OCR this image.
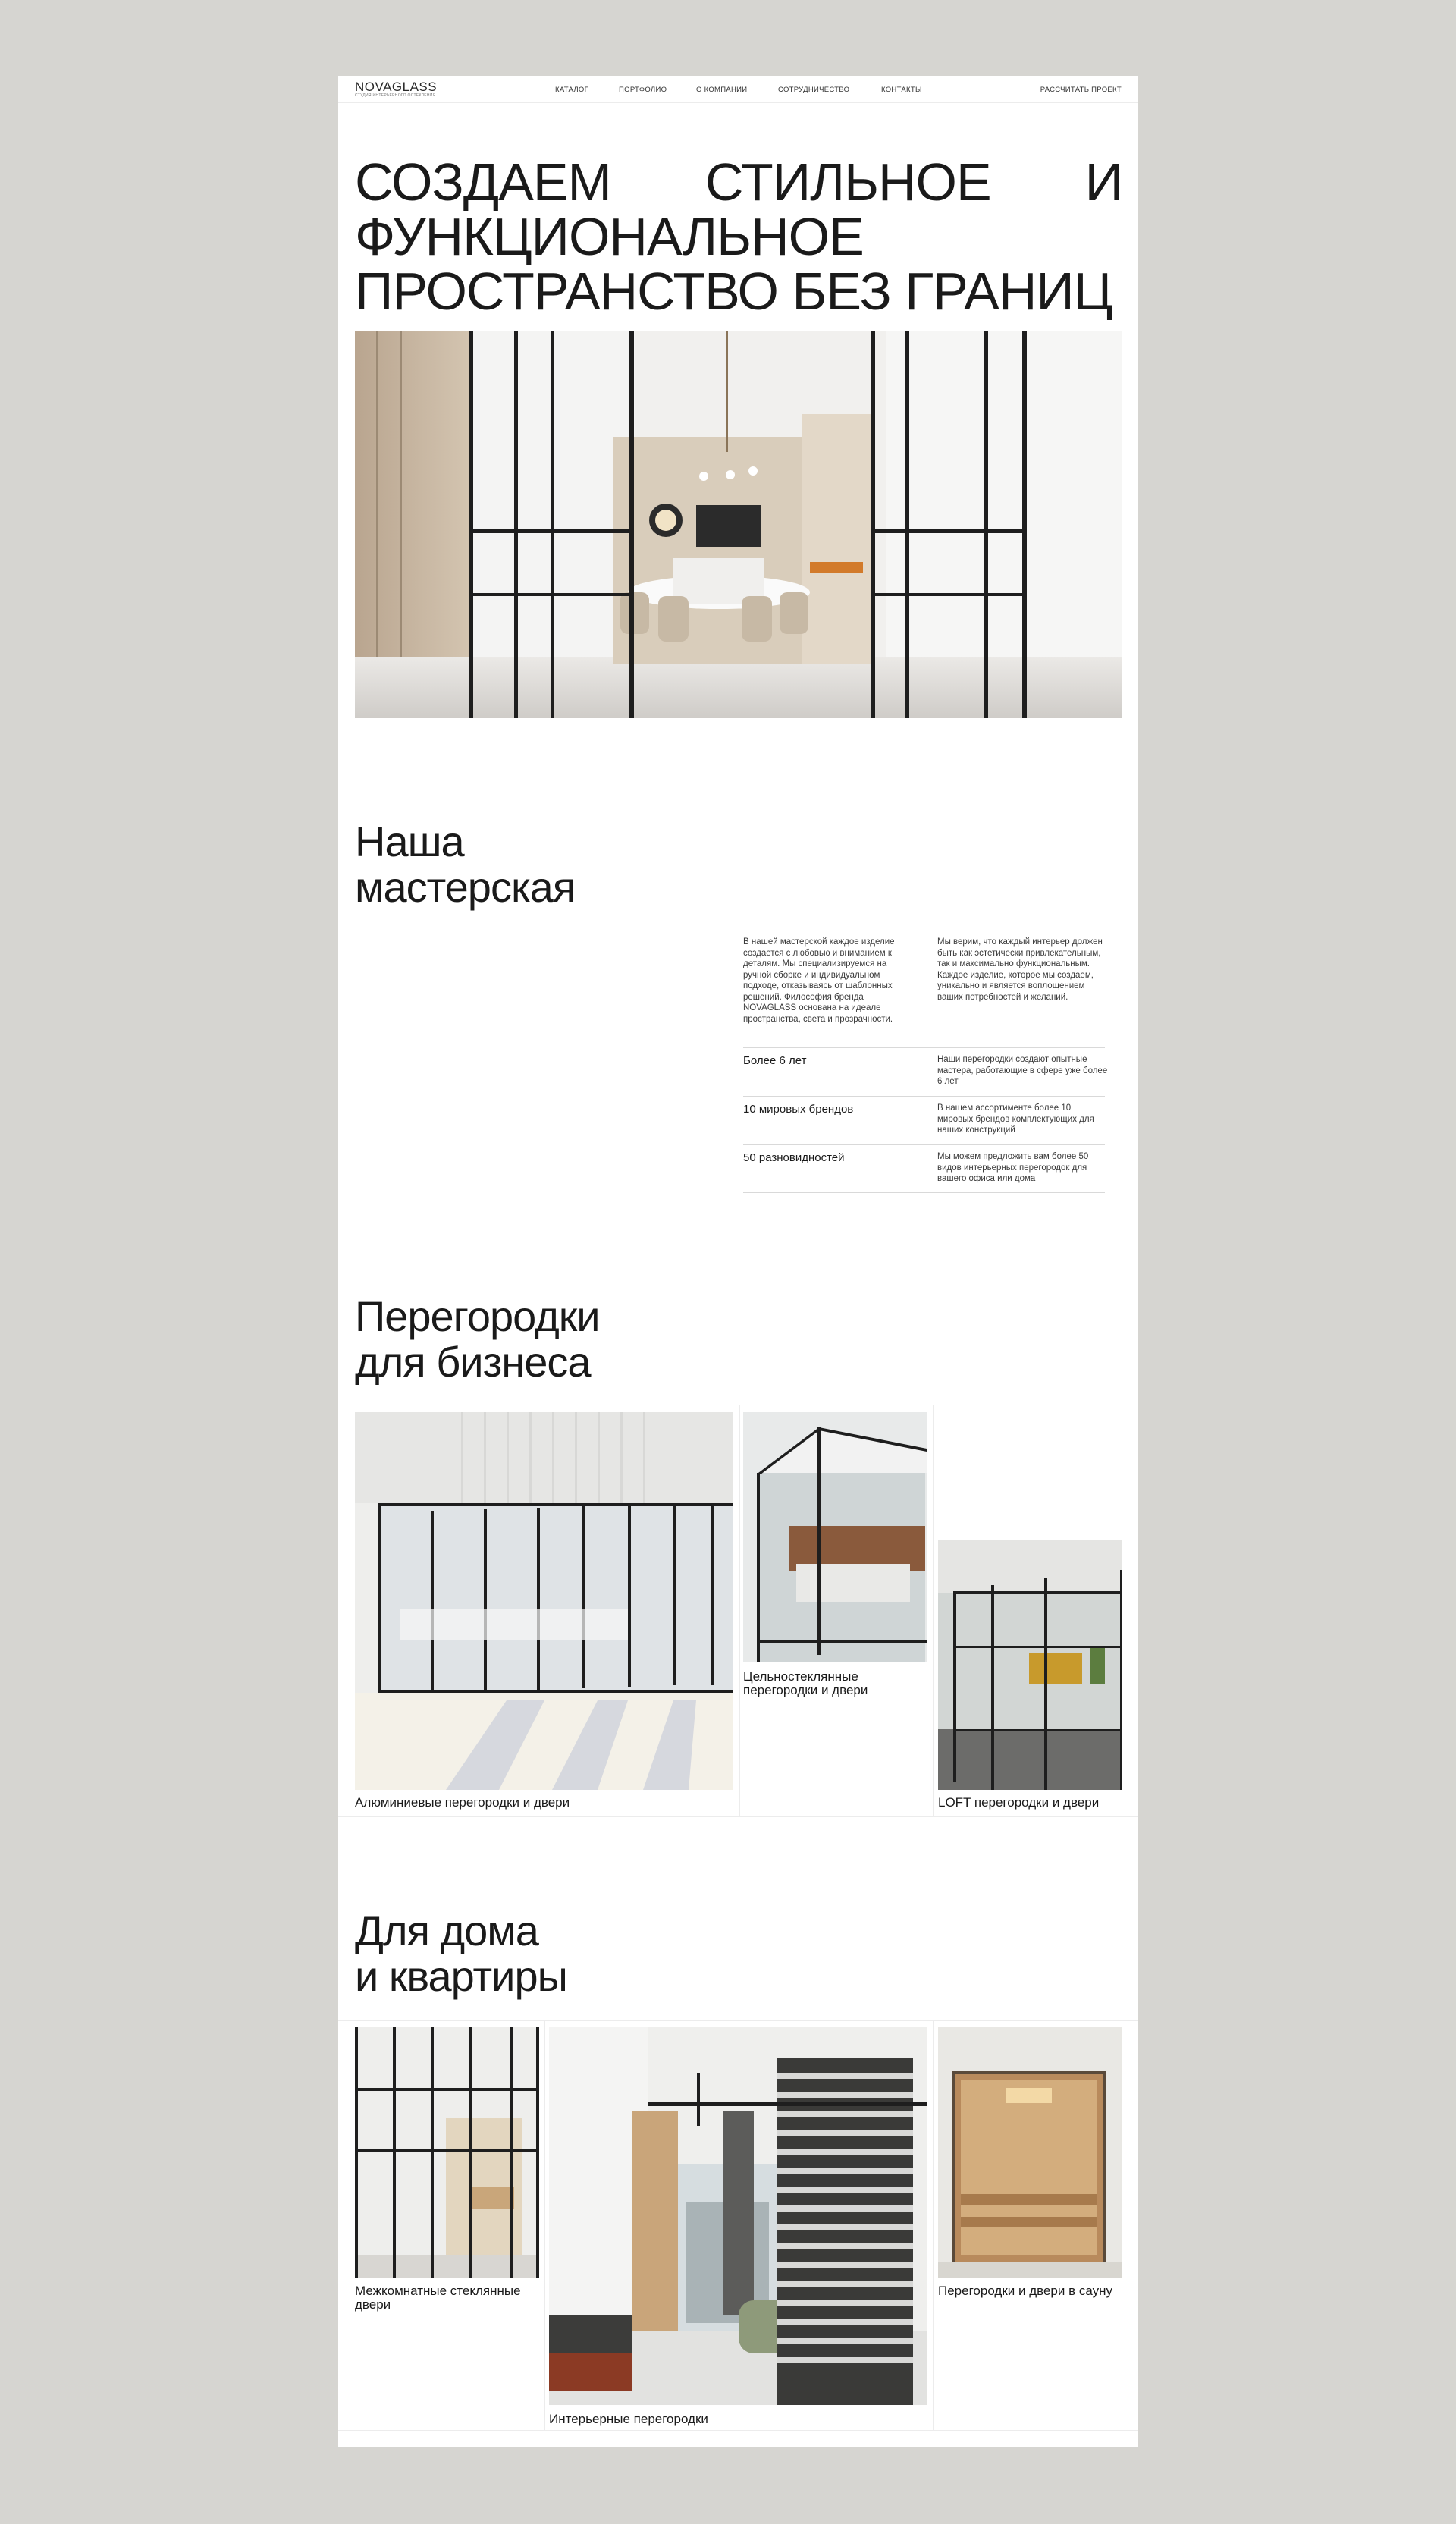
NOVAGLASS
СТУДИЯ ИНТЕРЬЕРНОГО ОСТЕКЛЕНИЯ
КАТАЛОГ	ПОРТФОЛИО	О КОМПАНИИ	СОТРУДНИЧЕСТВО	КОНТАКТЫ	РАССЧИТАТЬ ПРОЕКТ
СОЗДАЕМ СТИЛЬНОЕ И ФУНКЦИОНАЛЬНОЕ ПРОСТРАНСТВО БЕЗ ГРАНИЦ
Наша
мастерская
В нашей мастерской каждое изделие создается с любовью и вниманием к деталям. Мы специализируемся на ручной сборке и индивидуальном подходе, отказываясь от шаблонных решений. Философия бренда NOVAGLASS основана на идеале пространства, света и прозрачности.
Мы верим, что каждый интерьер должен быть как эстетически привлекательным, так и максимально функциональным. Каждое изделие, которое мы создаем, уникально и является воплощением ваших потребностей и желаний.
Более 6 лет	Наши перегородки создают опытные мастера, работающие в сфере уже более 6 лет
10 мировых брендов	В нашем ассортименте более 10 мировых брендов комплектующих для наших конструкций
50 разновидностей	Мы можем предложить вам более 50 видов интерьерных перегородок для вашего офиса или дома
Перегородки
для бизнеса
Алюминиевые перегородки и двери
Цельностеклянные перегородки и двери
LOFT перегородки и двери
Для дома
и квартиры
Межкомнатные стеклянные двери
Интерьерные перегородки
Перегородки и двери в сауну
